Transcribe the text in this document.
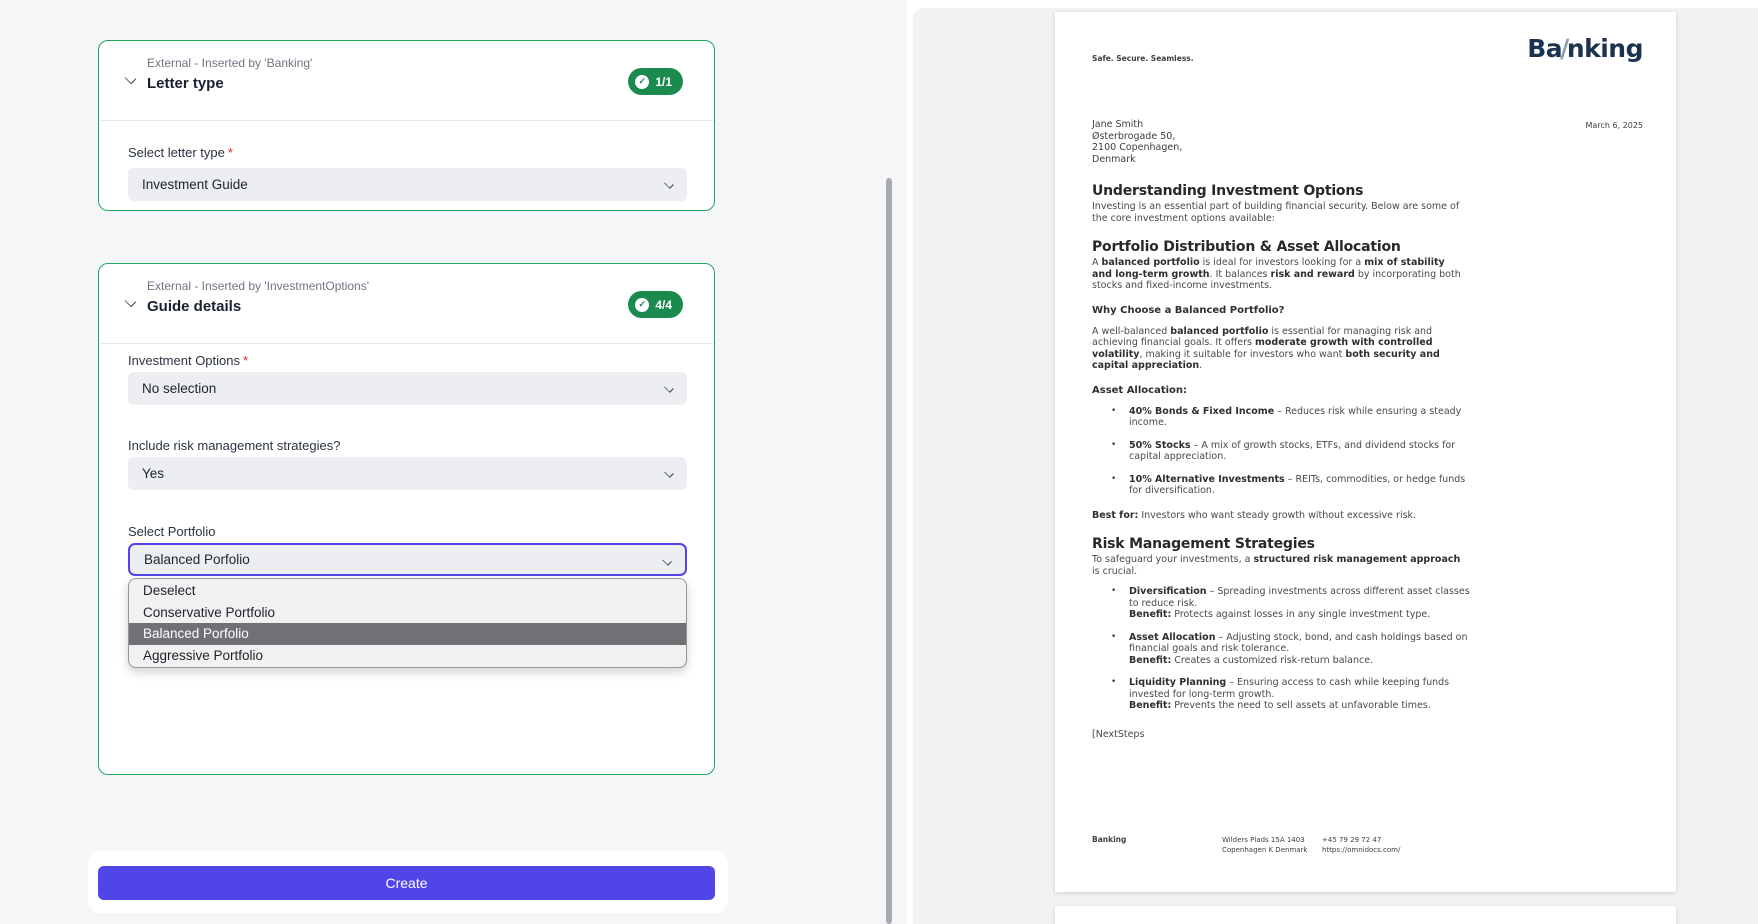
External - Inserted by 'Banking'
Letter type	✓ 1/1
Select letter type *
Investment Guide
External - Inserted by 'InvestmentOptions'
Guide details	✓ 4/4
Investment Options *
No selection
Include risk management strategies?
Yes
Select Portfolio
Balanced Porfolio
Deselect
Conservative Portfolio
Balanced Porfolio
Aggressive Portfolio
Create
Safe. Secure. Seamless.	Ba∕nking
Jane Smith
Østerbrogade 50,
2100 Copenhagen,
Denmark
March 6, 2025
Understanding Investment Options

Investing is an essential part of building financial security. Below are some of the core investment options available:

Portfolio Distribution & Asset Allocation

A balanced portfolio is ideal for investors looking for a mix of stability and long-term growth. It balances risk and reward by incorporating both stocks and fixed-income investments.

Why Choose a Balanced Portfolio?

A well-balanced balanced portfolio is essential for managing risk and achieving financial goals. It offers moderate growth with controlled volatility, making it suitable for investors who want both security and capital appreciation.

Asset Allocation:
• 40% Bonds & Fixed Income – Reduces risk while ensuring a steady income.
• 50% Stocks – A mix of growth stocks, ETFs, and dividend stocks for capital appreciation.
• 10% Alternative Investments – REITs, commodities, or hedge funds for diversification.

Best for: Investors who want steady growth without excessive risk.

Risk Management Strategies

To safeguard your investments, a structured risk management approach is crucial.

• Diversification – Spreading investments across different asset classes to reduce risk.
Benefit: Protects against losses in any single investment type.
• Asset Allocation – Adjusting stock, bond, and cash holdings based on financial goals and risk tolerance.
Benefit: Creates a customized risk-return balance.
• Liquidity Planning – Ensuring access to cash while keeping funds invested for long-term growth.
Benefit: Prevents the need to sell assets at unfavorable times.

[NextSteps

Banking	Wilders Plads 15A 1403
Copenhagen K Denmark
+45 79 29 72 47
https://omnidocs.com/
